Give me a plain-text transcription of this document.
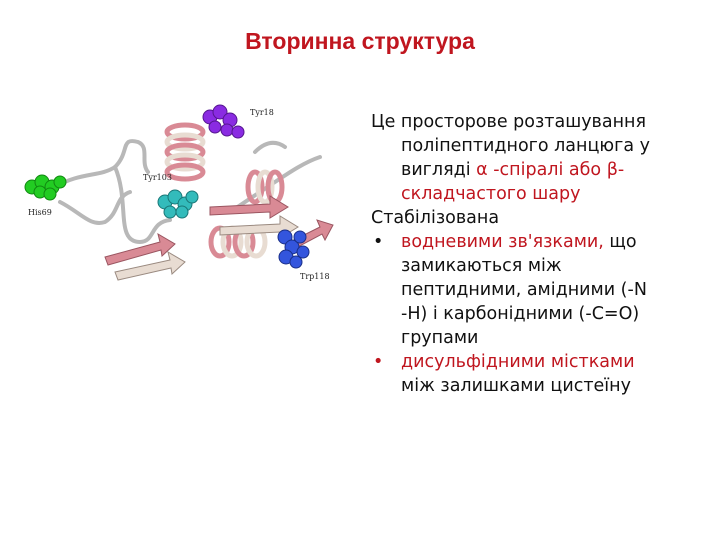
Вторинна структура
Tyr18
Tyr103
His69
Trp118

Це просторове розташування

поліпептидного ланцюга у

вигляді α -спіралі або β-

складчастого шару

Стабілізована

• водневими зв'язками, що

замикаються між

пептидними, амідними (-N

-H) і карбонідними (-C=O)

групами

• дисульфідними містками

між залишками цистеїну
